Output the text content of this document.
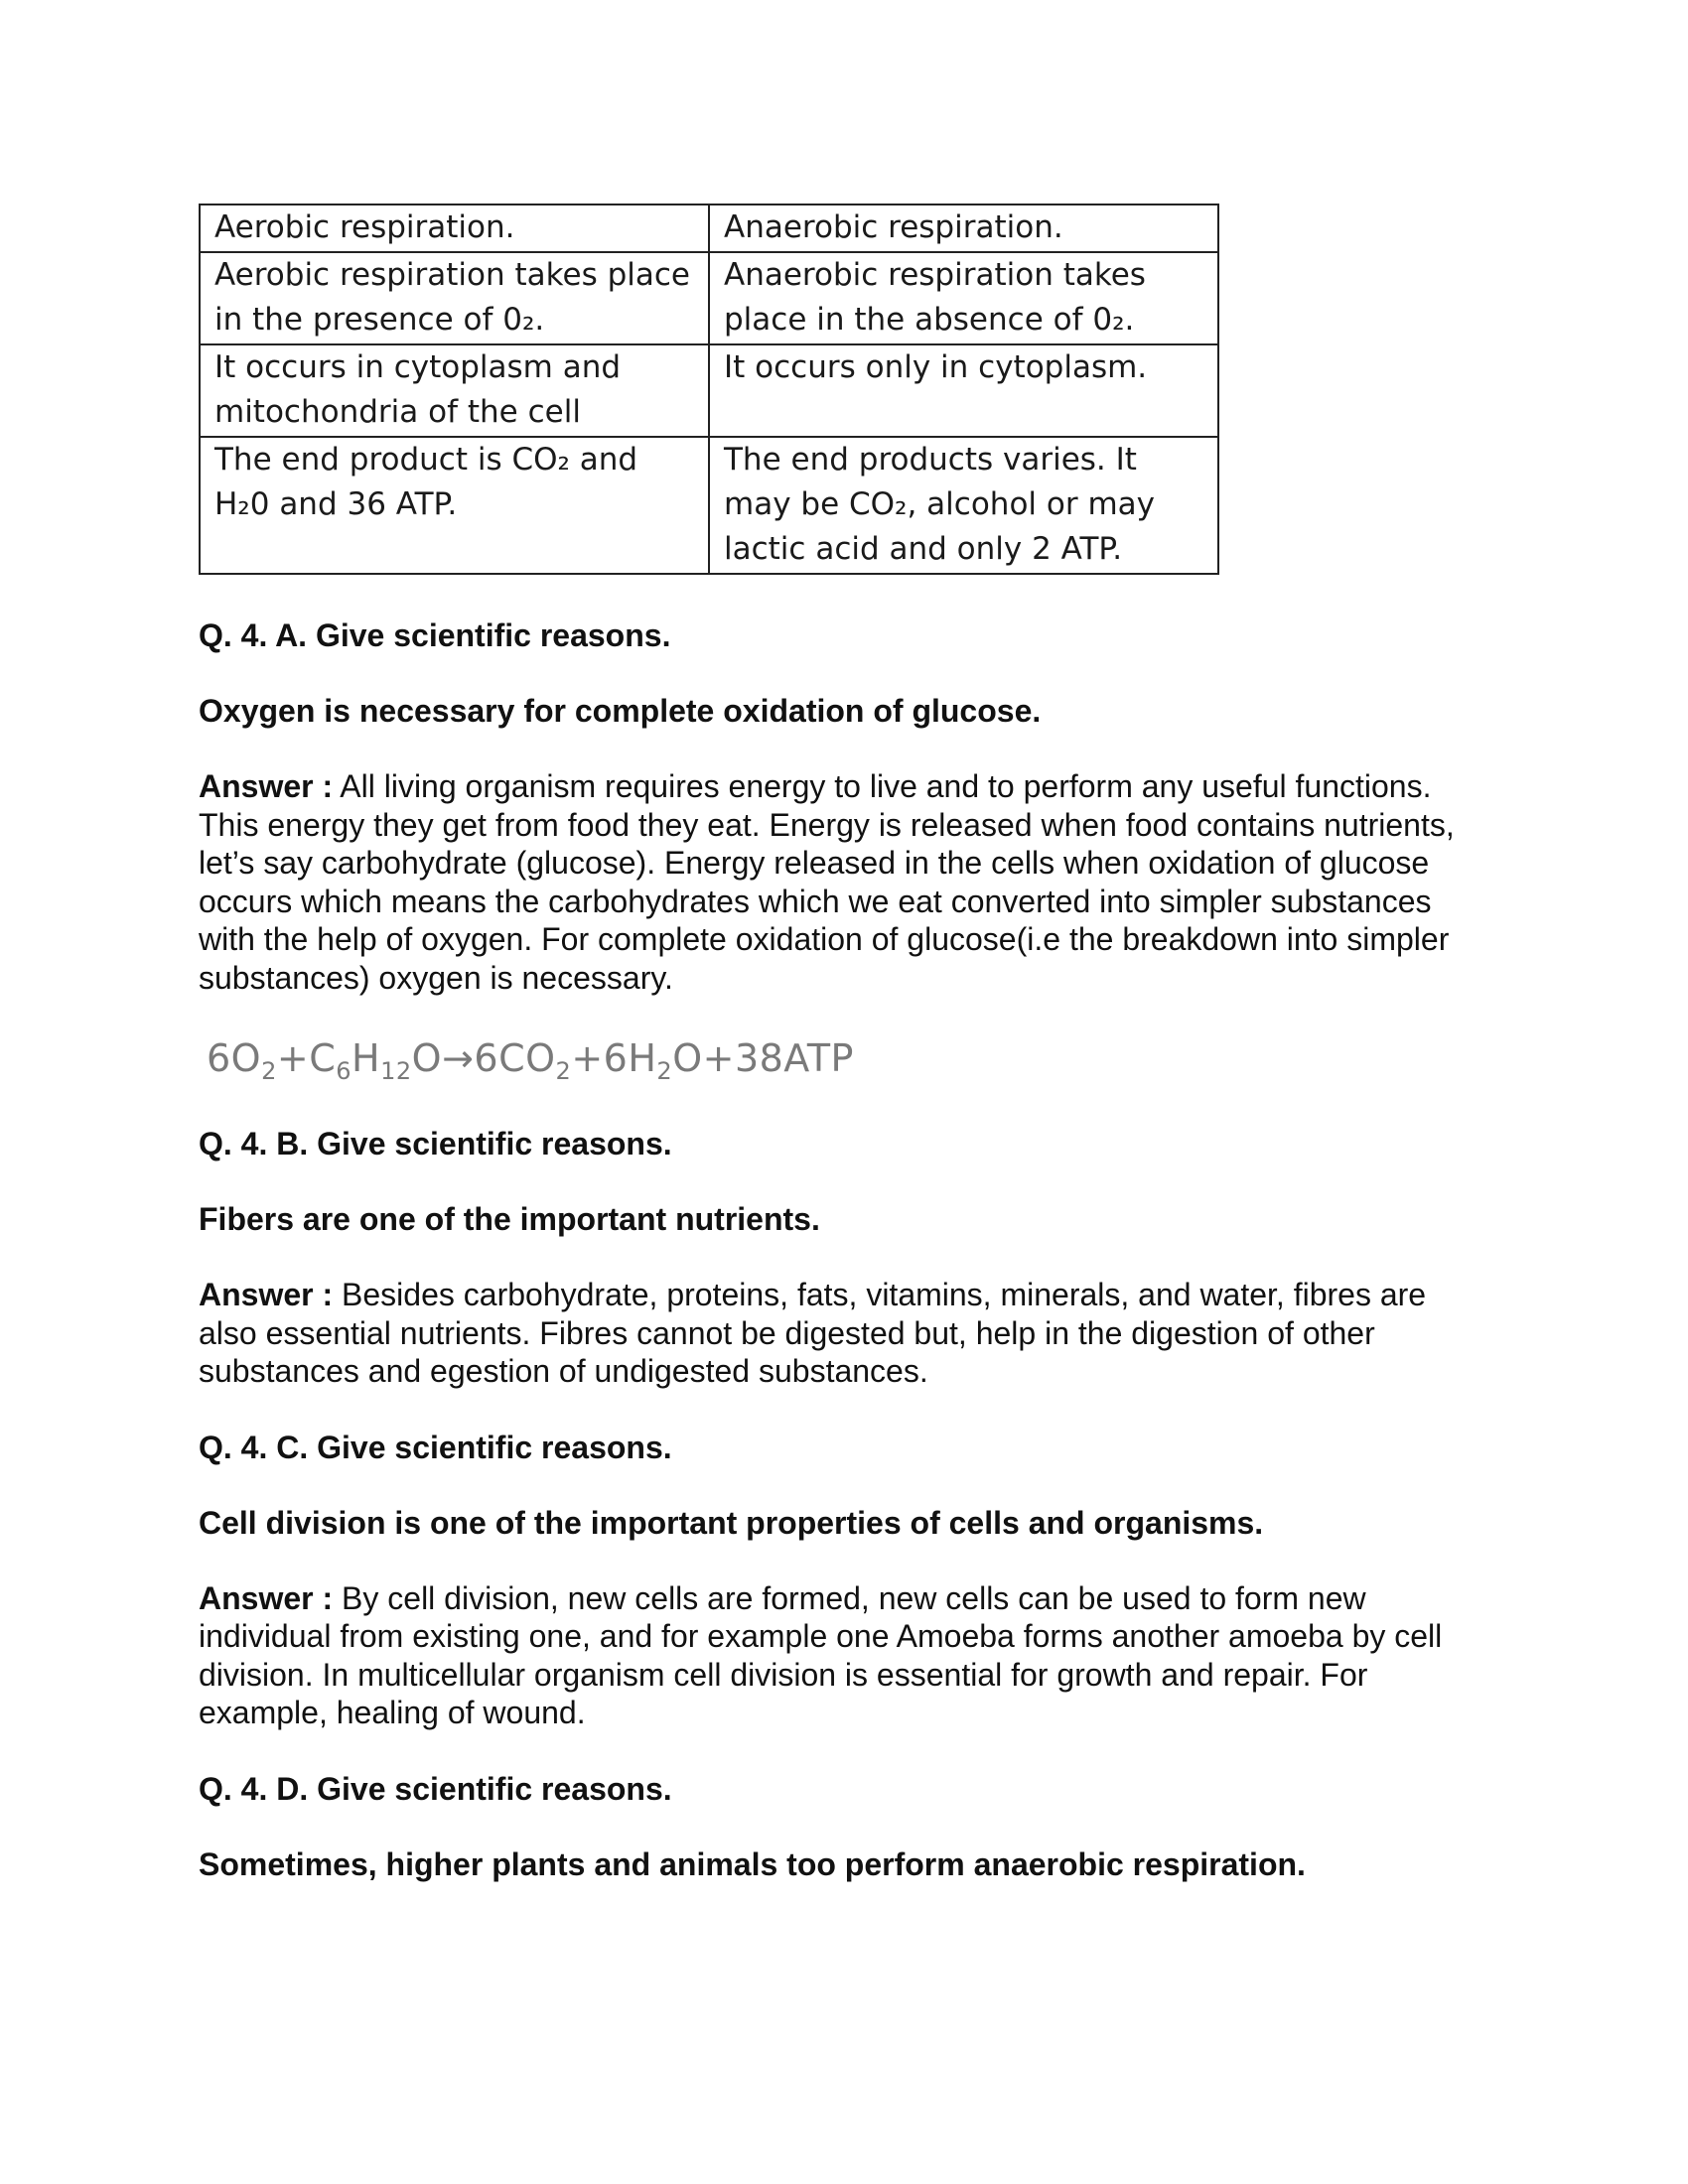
Aerobic respiration.	Anaerobic respiration.
Aerobic respiration takes place in the presence of 0₂.	Anaerobic respiration takes place in the absence of 0₂.
It occurs in cytoplasm and mitochondria of the cell	It occurs only in cytoplasm.
The end product is CO₂ and H₂0 and 36 ATP.	The end products varies. It may be CO₂, alcohol or may lactic acid and only 2 ATP.

Q. 4. A. Give scientific reasons.

Oxygen is necessary for complete oxidation of glucose.

Answer : All living organism requires energy to live and to perform any useful functions. This energy they get from food they eat. Energy is released when food contains nutrients, let’s say carbohydrate (glucose). Energy released in the cells when oxidation of glucose occurs which means the carbohydrates which we eat converted into simpler substances with the help of oxygen. For complete oxidation of glucose(i.e the breakdown into simpler substances) oxygen is necessary.

$6O_2+C_6H_{12}O\to 6CO_2+6H_2O+38ATP$

Q. 4. B. Give scientific reasons.

Fibers are one of the important nutrients.

Answer : Besides carbohydrate, proteins, fats, vitamins, minerals, and water, fibres are also essential nutrients. Fibres cannot be digested but, help in the digestion of other substances and egestion of undigested substances.

Q. 4. C. Give scientific reasons.

Cell division is one of the important properties of cells and organisms.

Answer : By cell division, new cells are formed, new cells can be used to form new individual from existing one, and for example one Amoeba forms another amoeba by cell division. In multicellular organism cell division is essential for growth and repair. For example, healing of wound.

Q. 4. D. Give scientific reasons.

Sometimes, higher plants and animals too perform anaerobic respiration.
